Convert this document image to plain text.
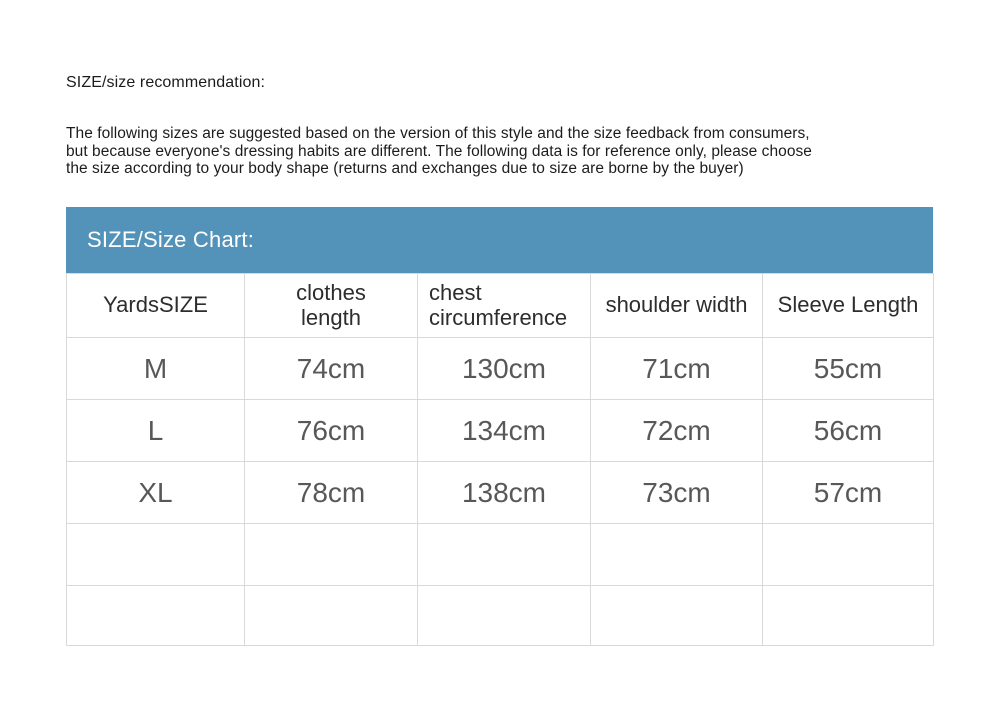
SIZE/size recommendation:
The following sizes are suggested based on the version of this style and the size feedback from consumers,
but because everyone's dressing habits are different. The following data is for reference only, please choose
the size according to your body shape (returns and exchanges due to size are borne by the buyer)
SIZE/Size Chart:
YardsSIZE	clothes length	chest circumference	shoulder width	Sleeve Length
M	74cm	130cm	71cm	55cm
L	76cm	134cm	72cm	56cm
XL	78cm	138cm	73cm	57cm
